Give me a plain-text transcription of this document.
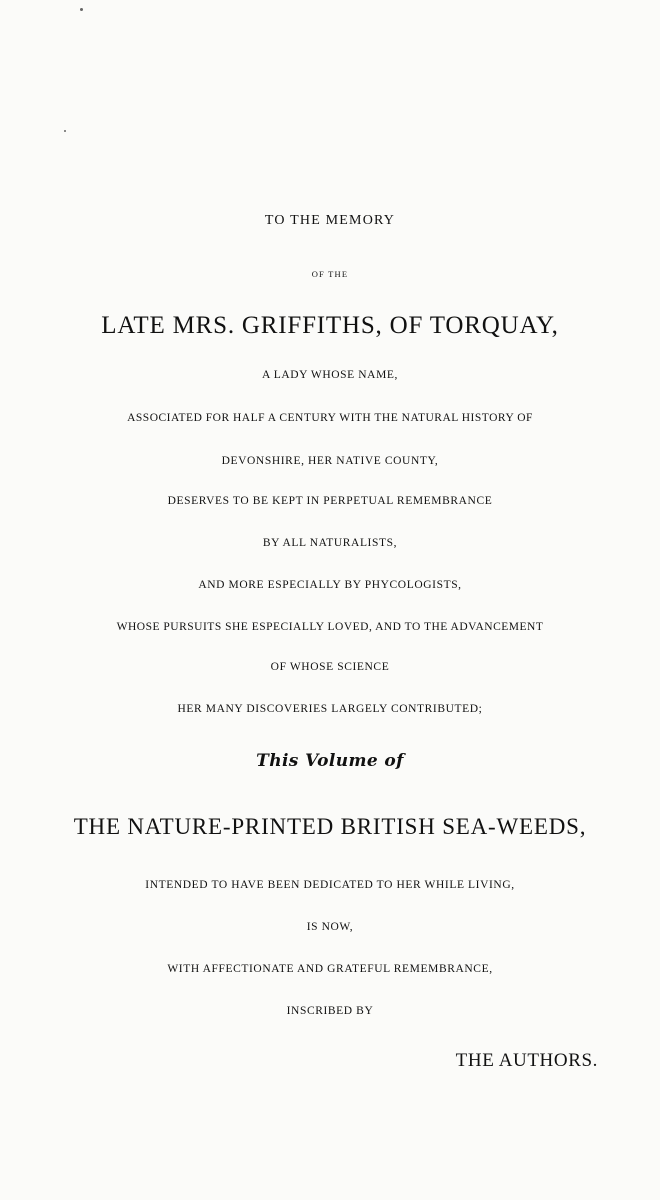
TO THE MEMORY
OF THE
LATE MRS. GRIFFITHS, OF TORQUAY,
A LADY WHOSE NAME,
ASSOCIATED FOR HALF A CENTURY WITH THE NATURAL HISTORY OF
DEVONSHIRE, HER NATIVE COUNTY,
DESERVES TO BE KEPT IN PERPETUAL REMEMBRANCE
BY ALL NATURALISTS,
AND MORE ESPECIALLY BY PHYCOLOGISTS,
WHOSE PURSUITS SHE ESPECIALLY LOVED, AND TO THE ADVANCEMENT
OF WHOSE SCIENCE
HER MANY DISCOVERIES LARGELY CONTRIBUTED;
This Volume of
THE NATURE-PRINTED BRITISH SEA-WEEDS,
INTENDED TO HAVE BEEN DEDICATED TO HER WHILE LIVING,
IS NOW,
WITH AFFECTIONATE AND GRATEFUL REMEMBRANCE,
INSCRIBED BY
THE AUTHORS.
